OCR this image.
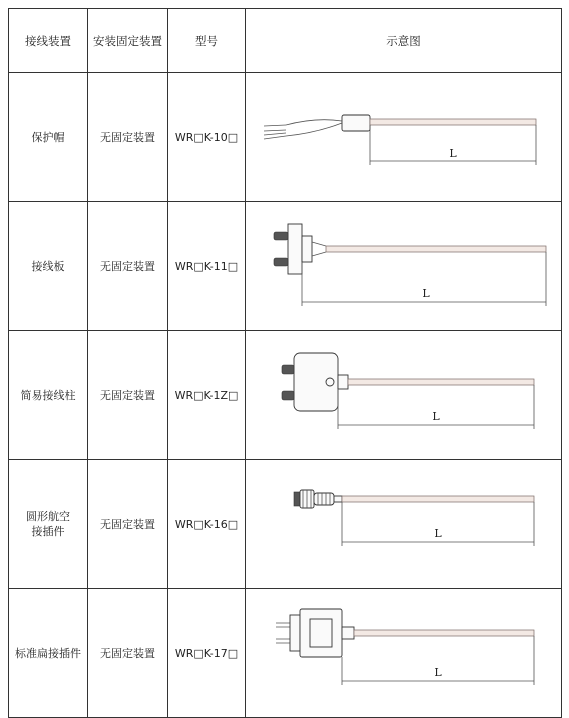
接线装置	安装固定装置	型号	示意图
保护帽	无固定装置	WR□K-10□	L

接线板	无固定装置	WR□K-11□	L

简易接线柱	无固定装置	WR□K-1Z□	L

圆形航空
接插件	无固定装置	WR□K-16□	L

标准扁接插件	无固定装置	WR□K-17□	L
